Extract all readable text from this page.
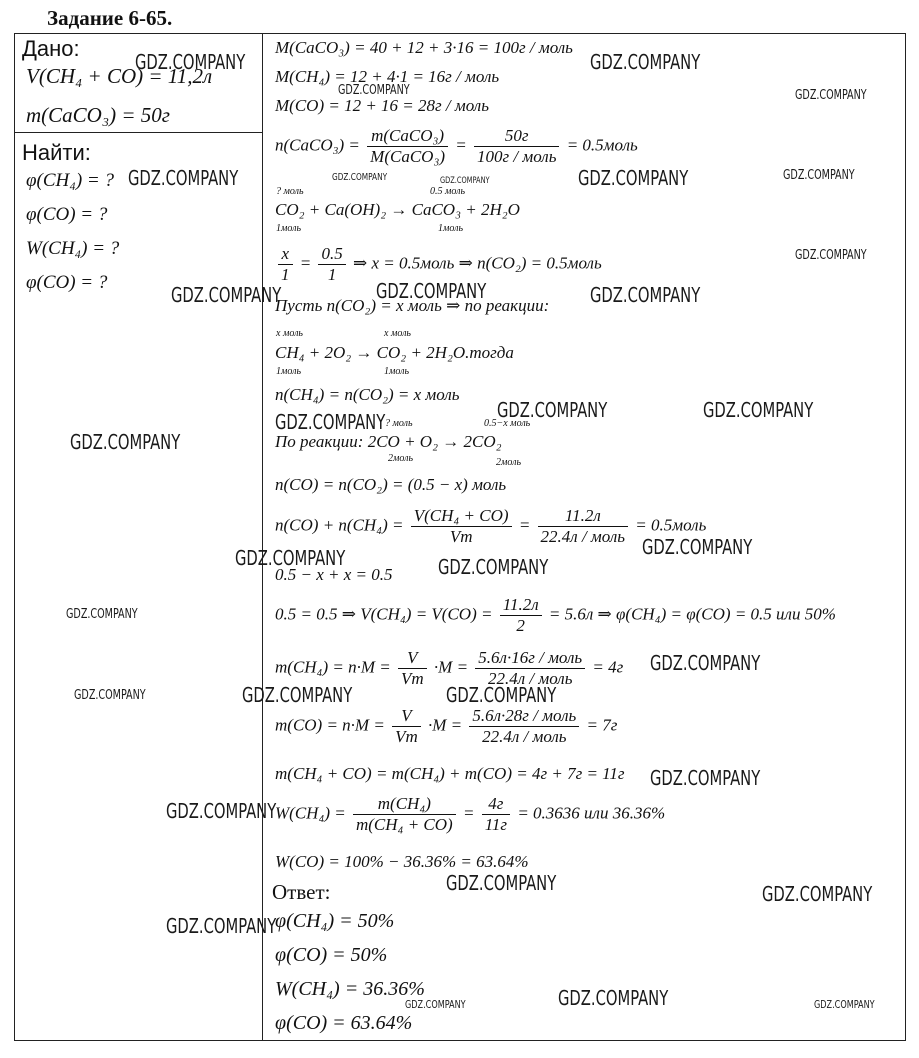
Задание 6-65.
Дано:
V(CH₄ + CO) = 11,2л
m(CaCO₃) = 50г
Найти:
φ(CH₄) = ?
φ(CO) = ?
W(CH₄) = ?
φ(CO) = ?
M(CaCO₃) = 40 + 12 + 3·16 = 100г / моль
M(CH₄) = 12 + 4·1 = 16г / моль
M(CO) = 12 + 16 = 28г / моль
n(CaCO₃) = $\frac{\text{m(CaCO₃)}}{\text{M(CaCO₃)}} = \frac{50г}{\text{100г / моль}}$ = 0.5моль
? моль	0.5 моль
CO₂ + Ca(OH)₂ → CaCO₃ + 2H₂O
1моль	1моль
$\frac{x}{1} = \frac{0.5}{1}$ ⇒ x = 0.5моль ⇒ n(CO₂) = 0.5моль
Пусть n(CO₂) = x моль ⇒ по реакции:
x моль	x моль
CH₄ + 2O₂ → CO₂ + 2H₂O.тогда
1моль	1моль
n(CH₄) = n(CO₂) = x моль
? моль	0.5−x моль
По реакции: 2CO + O₂ → 2CO₂
2моль	2моль
n(CO) = n(CO₂) = (0.5 − x) моль
$n(CO) + n(CH_4) = \frac{\text{V(CH₄ + CO)}}{Vm} = \frac{11.2л}{\text{22.4л / моль}}$ = 0.5моль
0.5 − x + x = 0.5
0.5 = 0.5 ⇒ $V(CH_4) = V(CO) = \frac{11.2л}{2} = 5.6л$ ⇒ φ(CH₄) = φ(CO) = 0.5 или 50%
$m(CH_4) = n\cdot M = \frac{V}{Vm} \cdot M = \frac{\text{5.6л·16г / моль}}{\text{22.4л / моль}} = 4г$
$m(CO) = n\cdot M = \frac{V}{Vm} \cdot M = \frac{\text{5.6л·28г / моль}}{\text{22.4л / моль}} = 7г$
m(CH₄ + CO) = m(CH₄) + m(CO) = 4г + 7г = 11г
$W(CH_4) = \frac{\text{m(CH₄)}}{\text{m(CH₄ + CO)}} = \frac{4г}{11г} = 0.3636$ или 36.36%
W(CO) = 100% − 36.36% = 63.64%
Ответ:
φ(CH₄) = 50%
φ(CO) = 50%
W(CH₄) = 36.36%
φ(CO) = 63.64%
GDZ.COMPANY	GDZ.COMPANY
GDZ.COMPANY	GDZ.COMPANY
GDZ.COMPANY	GDZ.COMPANY	GDZ.COMPANY	GDZ.COMPANY	GDZ.COMPANY
GDZ.COMPANY
GDZ.COMPANY	GDZ.COMPANY	GDZ.COMPANY
GDZ.COMPANY	GDZ.COMPANY	GDZ.COMPANY
GDZ.COMPANY
GDZ.COMPANY
GDZ.COMPANY	GDZ.COMPANY
GDZ.COMPANY
GDZ.COMPANY
GDZ.COMPANY	GDZ.COMPANY	GDZ.COMPANY
GDZ.COMPANY
GDZ.COMPANY
GDZ.COMPANY	GDZ.COMPANY
GDZ.COMPANY
GDZ.COMPANY	GDZ.COMPANY	GDZ.COMPANY
